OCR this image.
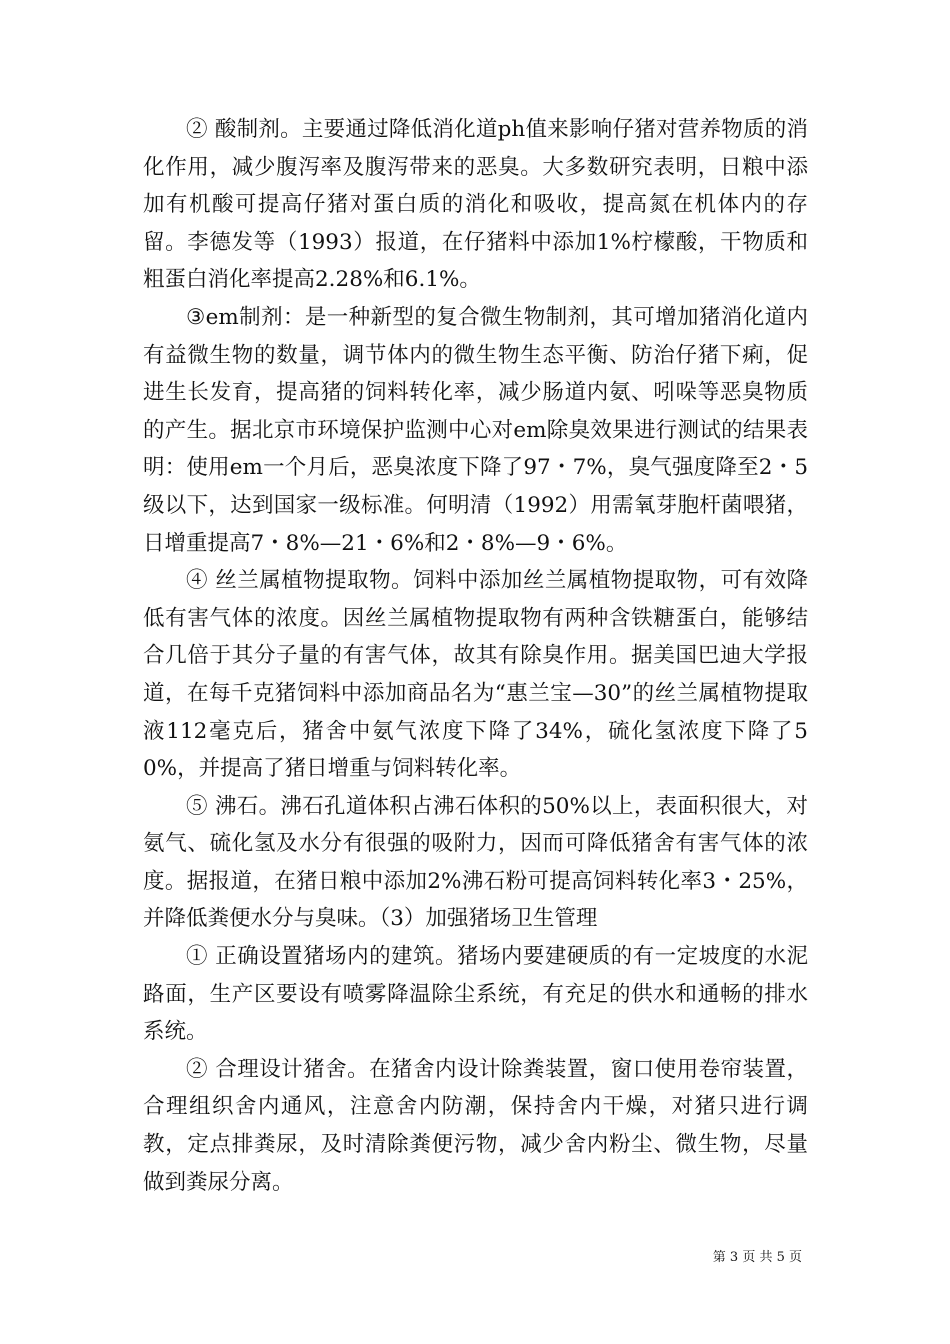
② 酸制剂。主要通过降低消化道ph值来影响仔猪对营养物质的消化作用，减少腹泻率及腹泻带来的恶臭。大多数研究表明，日粮中添加有机酸可提高仔猪对蛋白质的消化和吸收，提高氮在机体内的存留。李德发等（1993）报道，在仔猪料中添加1%柠檬酸，干物质和粗蛋白消化率提高2.28%和6.1%。

③em制剂：是一种新型的复合微生物制剂，其可增加猪消化道内有益微生物的数量，调节体内的微生物生态平衡、防治仔猪下痢，促进生长发育，提高猪的饲料转化率，减少肠道内氨、吲哚等恶臭物质的产生。据北京市环境保护监测中心对em除臭效果进行测试的结果表明：使用em一个月后，恶臭浓度下降了97・7%，臭气强度降至2・5级以下，达到国家一级标准。何明清（1992）用需氧芽胞杆菌喂猪，日增重提高7・8%—21・6%和2・8%—9・6%。

④ 丝兰属植物提取物。饲料中添加丝兰属植物提取物，可有效降低有害气体的浓度。因丝兰属植物提取物有两种含铁糖蛋白，能够结合几倍于其分子量的有害气体，故其有除臭作用。据美国巴迪大学报道，在每千克猪饲料中添加商品名为“惠兰宝—30”的丝兰属植物提取液112毫克后，猪舍中氨气浓度下降了34%，硫化氢浓度下降了50%，并提高了猪日增重与饲料转化率。

⑤ 沸石。沸石孔道体积占沸石体积的50%以上，表面积很大，对氨气、硫化氢及水分有很强的吸附力，因而可降低猪舍有害气体的浓度。据报道，在猪日粮中添加2%沸石粉可提高饲料转化率3・25%，并降低粪便水分与臭味。（3）加强猪场卫生管理

① 正确设置猪场内的建筑。猪场内要建硬质的有一定坡度的水泥路面，生产区要设有喷雾降温除尘系统，有充足的供水和通畅的排水系统。

② 合理设计猪舍。在猪舍内设计除粪装置，窗口使用卷帘装置，合理组织舍内通风，注意舍内防潮，保持舍内干燥，对猪只进行调教，定点排粪尿，及时清除粪便污物，减少舍内粉尘、微生物，尽量做到粪尿分离。

第 3 页 共 5 页
